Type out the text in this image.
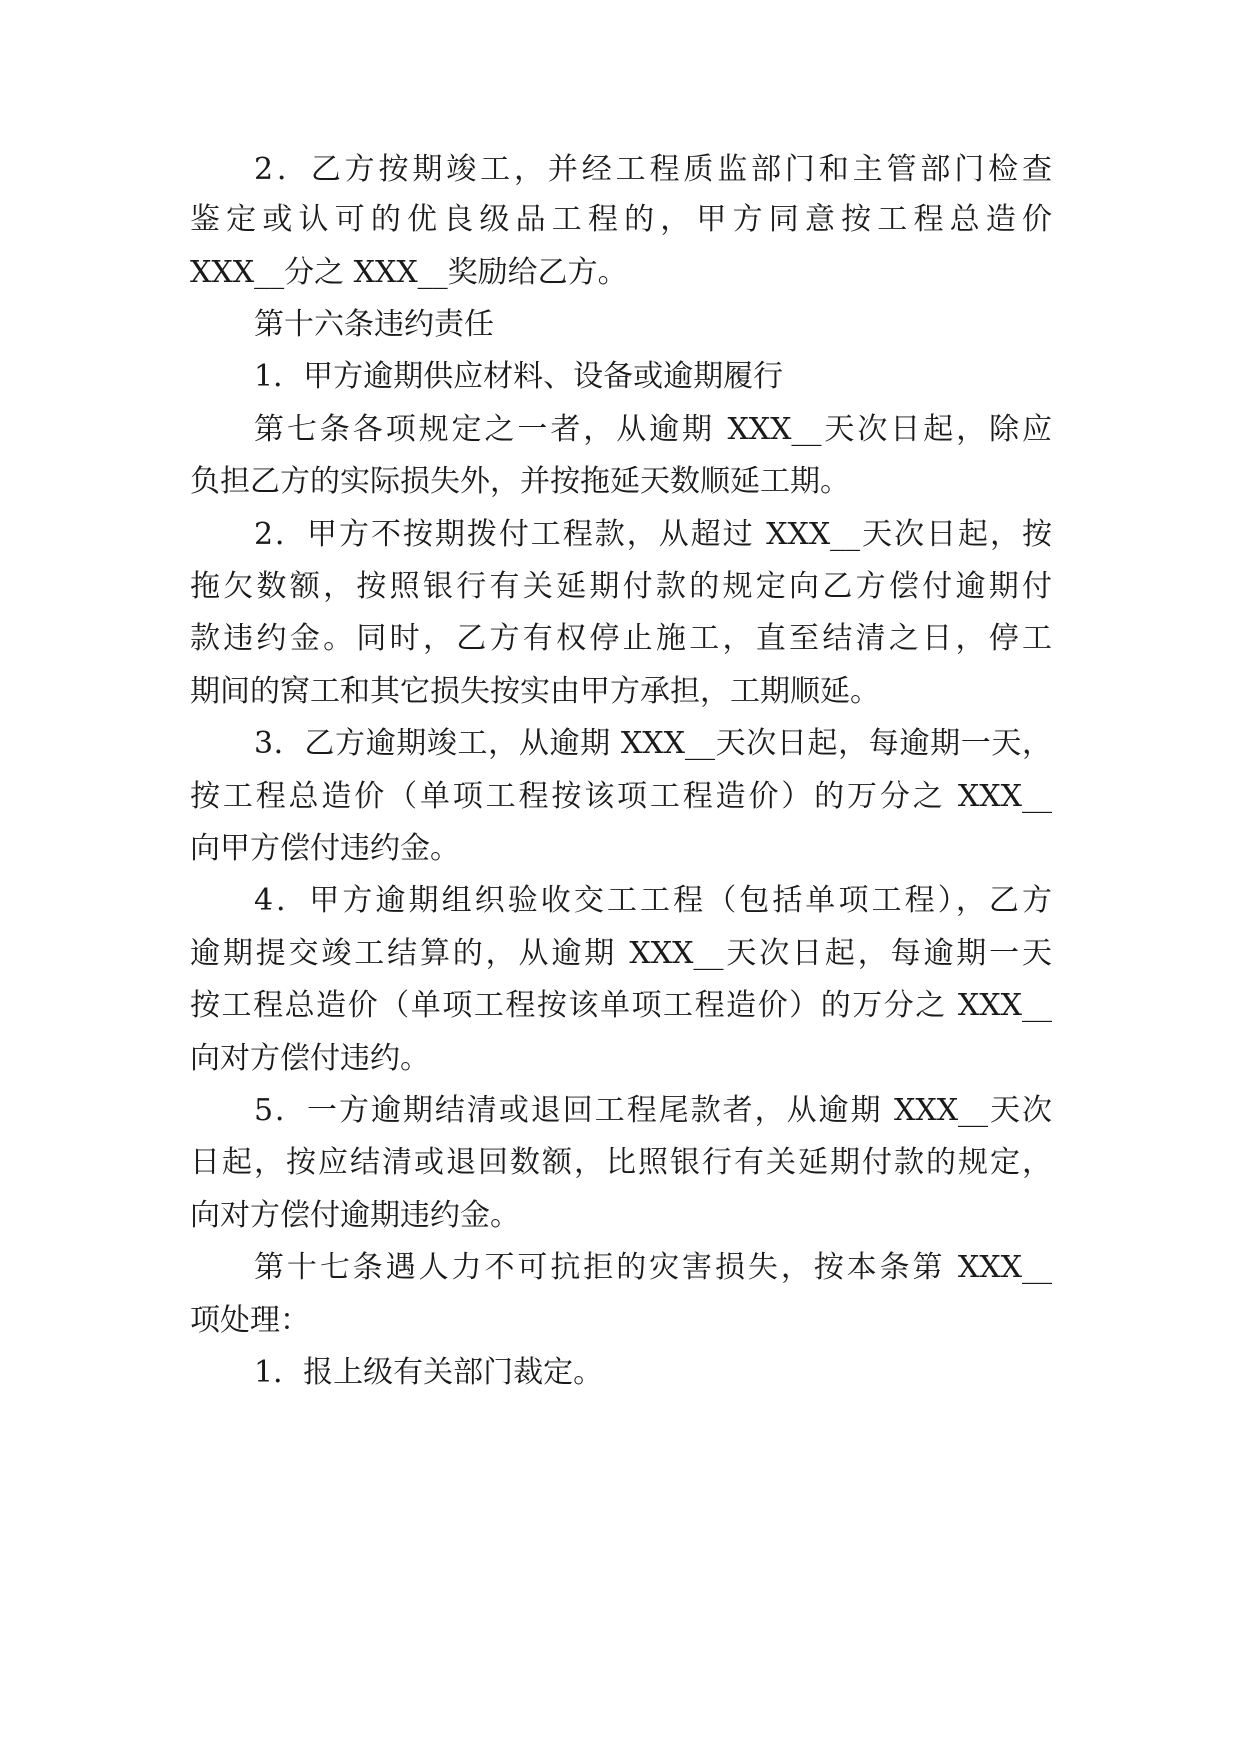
2．乙方按期竣工，并经工程质监部门和主管部门检查
鉴定或认可的优良级品工程的，甲方同意按工程总造价
XXX__分之 XXX__奖励给乙方。
第十六条违约责任
1．甲方逾期供应材料、设备或逾期履行
第七条各项规定之一者，从逾期 XXX__天次日起，除应
负担乙方的实际损失外，并按拖延天数顺延工期。
2．甲方不按期拨付工程款，从超过 XXX__天次日起，按
拖欠数额，按照银行有关延期付款的规定向乙方偿付逾期付
款违约金。同时，乙方有权停止施工，直至结清之日，停工
期间的窝工和其它损失按实由甲方承担，工期顺延。
3．乙方逾期竣工，从逾期 XXX__天次日起，每逾期一天，
按工程总造价（单项工程按该项工程造价）的万分之 XXX__
向甲方偿付违约金。
4．甲方逾期组织验收交工工程（包括单项工程），乙方
逾期提交竣工结算的，从逾期 XXX__天次日起，每逾期一天
按工程总造价（单项工程按该单项工程造价）的万分之 XXX__
向对方偿付违约。
5．一方逾期结清或退回工程尾款者，从逾期 XXX__天次
日起，按应结清或退回数额，比照银行有关延期付款的规定，
向对方偿付逾期违约金。
第十七条遇人力不可抗拒的灾害损失，按本条第 XXX__
项处理：
1．报上级有关部门裁定。
